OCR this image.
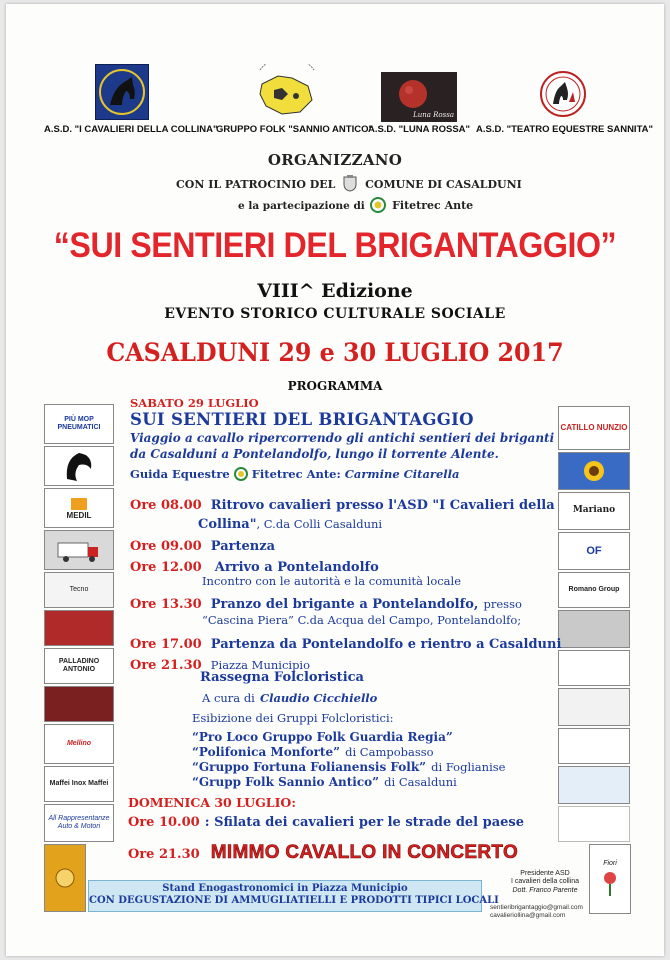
A.S.D. "I CAVALIERI DELLA COLLINA"
GRUPPO FOLK "SANNIO ANTICO"
Luna Rossa
A.S.D. "LUNA ROSSA" A.S.D. "TEATRO EQUESTRE SANNITA"
ORGANIZZANO
CON IL PATROCINIO DEL	COMUNE DI CASALDUNI
e la partecipazione di Fitetrec Ante
“SUI SENTIERI DEL BRIGANTAGGIO”
VIII^ Edizione
EVENTO STORICO CULTURALE SOCIALE
CASALDUNI 29 e 30 LUGLIO 2017
PROGRAMMA
PIÙ MOP PNEUMATICI
MEDIL
Tecno
PALLADINO ANTONIO
Mellino
Maffei Inox Maffei
All Rappresentanze Auto & Motori
CATILLO NUNZIO
Mariano
OF
Romano Group
Fiori
SABATO 29 LUGLIO
SUI SENTIERI DEL BRIGANTAGGIO
Viaggio a cavallo ripercorrendo gli antichi sentieri dei briganti
da Casalduni a Pontelandolfo, lungo il torrente Alente.
Guida Equestre Fitetrec Ante: Carmine Citarella
Ore 08.00 Ritrovo cavalieri presso l'ASD "I Cavalieri della
Collina", C.da Colli Casalduni
Ore 09.00 Partenza
Ore 12.00 Arrivo a Pontelandolfo
Incontro con le autorità e la comunità locale
Ore 13.30 Pranzo del brigante a Pontelandolfo, presso
“Cascina Piera” C.da Acqua del Campo, Pontelandolfo;
Ore 17.00 Partenza da Pontelandolfo e rientro a Casalduni
Ore 21.30 Piazza Municipio
Rassegna Folcloristica
A cura di Claudio Cicchiello
Esibizione dei Gruppi Folcloristici:
“Pro Loco Gruppo Folk Guardia Regia”
“Polifonica Monforte” di Campobasso
“Gruppo Fortuna Folianensis Folk” di Foglianise
“Grupp Folk Sannio Antico” di Casalduni
DOMENICA 30 LUGLIO:
Ore 10.00 : Sfilata dei cavalieri per le strade del paese
Ore 21.30 MIMMO CAVALLO IN CONCERTO
Presidente ASD
I cavalieri della collina
Dott. Franco Parente
sentieribrigantaggio@gmail.com
cavalieriollina@gmail.com
Stand Enogastronomici in Piazza Municipio
CON DEGUSTAZIONE DI AMMUGLIATIELLI E PRODOTTI TIPICI LOCALI
